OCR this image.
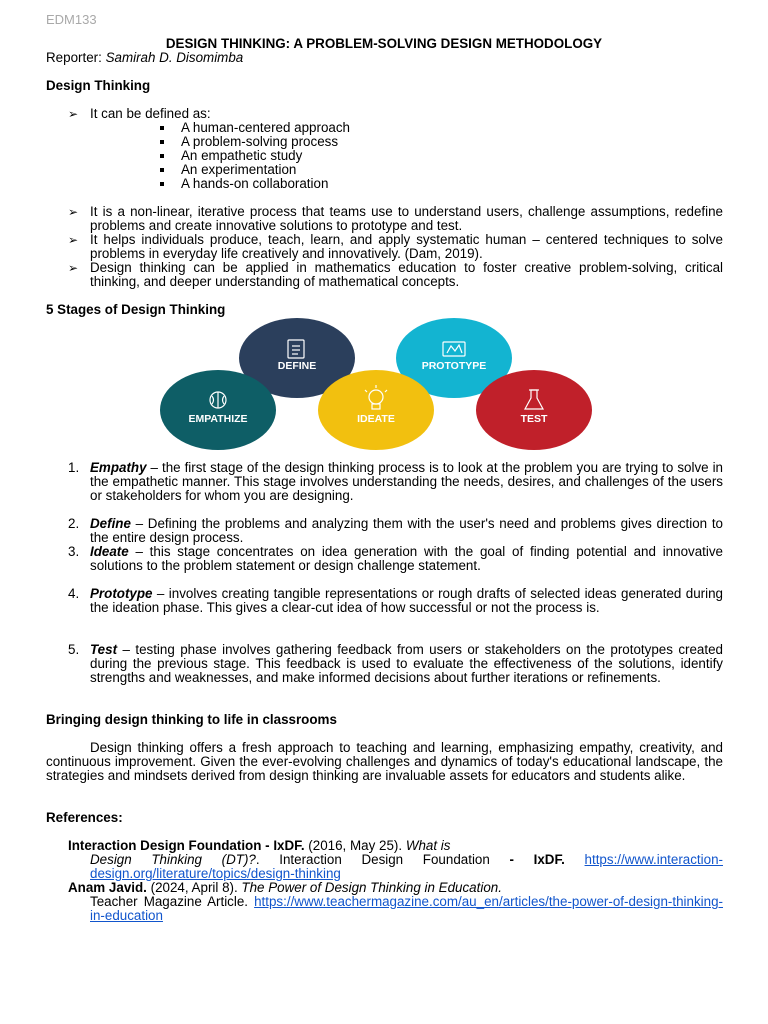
EDM133
DESIGN THINKING: A PROBLEM-SOLVING DESIGN METHODOLOGY
Reporter: Samirah D. Disomimba
Design Thinking
➢ It can be defined as:
A human-centered approach
A problem-solving process
An empathetic study
An experimentation
A hands-on collaboration
➢ It is a non-linear, iterative process that teams use to understand users, challenge assumptions, redefine problems and create innovative solutions to prototype and test.
➢ It helps individuals produce, teach, learn, and apply systematic human – centered techniques to solve problems in everyday life creatively and innovatively. (Dam, 2019).
➢ Design thinking can be applied in mathematics education to foster creative problem-solving, critical thinking, and deeper understanding of mathematical concepts.
5 Stages of Design Thinking
DEFINE	PROTOTYPE
EMPATHIZE	IDEATE	TEST
1. Empathy – the first stage of the design thinking process is to look at the problem you are trying to solve in the empathetic manner. This stage involves understanding the needs, desires, and challenges of the users or stakeholders for whom you are designing.
2. Define – Defining the problems and analyzing them with the user's need and problems gives direction to the entire design process.
3. Ideate – this stage concentrates on idea generation with the goal of finding potential and innovative solutions to the problem statement or design challenge statement.
4. Prototype – involves creating tangible representations or rough drafts of selected ideas generated during the ideation phase. This gives a clear-cut idea of how successful or not the process is.
5. Test – testing phase involves gathering feedback from users or stakeholders on the prototypes created during the previous stage. This feedback is used to evaluate the effectiveness of the solutions, identify strengths and weaknesses, and make informed decisions about further iterations or refinements.
Bringing design thinking to life in classrooms
Design thinking offers a fresh approach to teaching and learning, emphasizing empathy, creativity, and continuous improvement. Given the ever-evolving challenges and dynamics of today's educational landscape, the strategies and mindsets derived from design thinking are invaluable assets for educators and students alike.
References:
Interaction Design Foundation - IxDF. (2016, May 25). What is
Design Thinking (DT)?. Interaction Design Foundation - IxDF. https://www.interaction-design.org/literature/topics/design-thinking
Anam Javid. (2024, April 8). The Power of Design Thinking in Education.
Teacher Magazine Article. https://www.teachermagazine.com/au_en/articles/the-power-of-design-thinking-in-education
